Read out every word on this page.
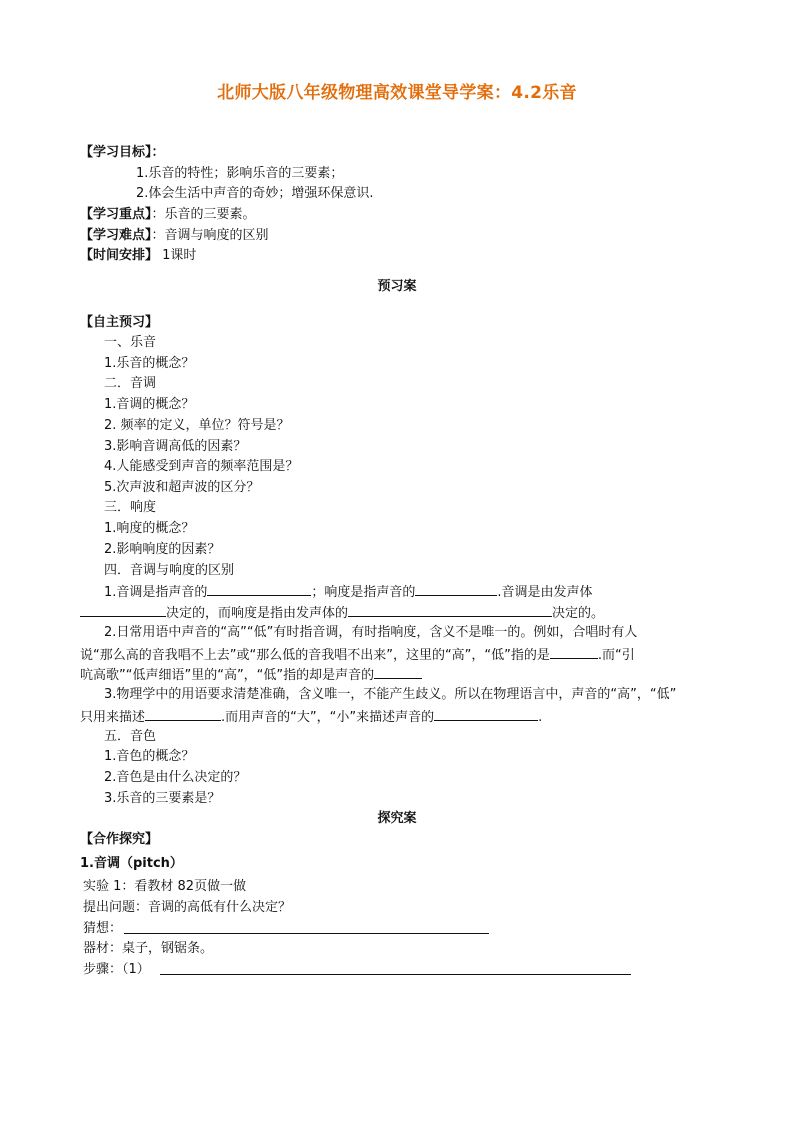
北师大版八年级物理高效课堂导学案：4.2乐音
【学习目标】：
1.乐音的特性；影响乐音的三要素；
2.体会生活中声音的奇妙；增强环保意识.
【学习重点】：乐音的三要素。
【学习难点】：音调与响度的区别
【时间安排】 1课时
预习案
【自主预习】
一、乐音
1.乐音的概念？
二．音调
1.音调的概念？
2. 频率的定义，单位？符号是？
3.影响音调高低的因素？
4.人能感受到声音的频率范围是？
5.次声波和超声波的区分？
三．响度
1.响度的概念？
2.影响响度的因素？
四．音调与响度的区别
1.音调是指声音的	；响度是指声音的	.音调是由发声体
决定的，而响度是指由发声体的	决定的。
2.日常用语中声音的“高”“低”有时指音调，有时指响度，含义不是唯一的。例如，合唱时有人
说“那么高的音我唱不上去”或“那么低的音我唱不出来”，这里的“高”，“低”指的是	.而“引
吭高歌”“低声细语”里的“高”，“低”指的却是声音的
3.物理学中的用语要求清楚准确，含义唯一，不能产生歧义。所以在物理语言中，声音的“高”，“低”
只用来描述	.而用声音的“大”，“小”来描述声音的	.
五．音色
1.音色的概念？
2.音色是由什么决定的？
3.乐音的三要素是？
探究案
【合作探究】
1.音调（pitch）
实验 1：看教材 82页做一做
提出问题：音调的高低有什么决定？
猜想：
器材：桌子，钢锯条。
步骤：（1）
